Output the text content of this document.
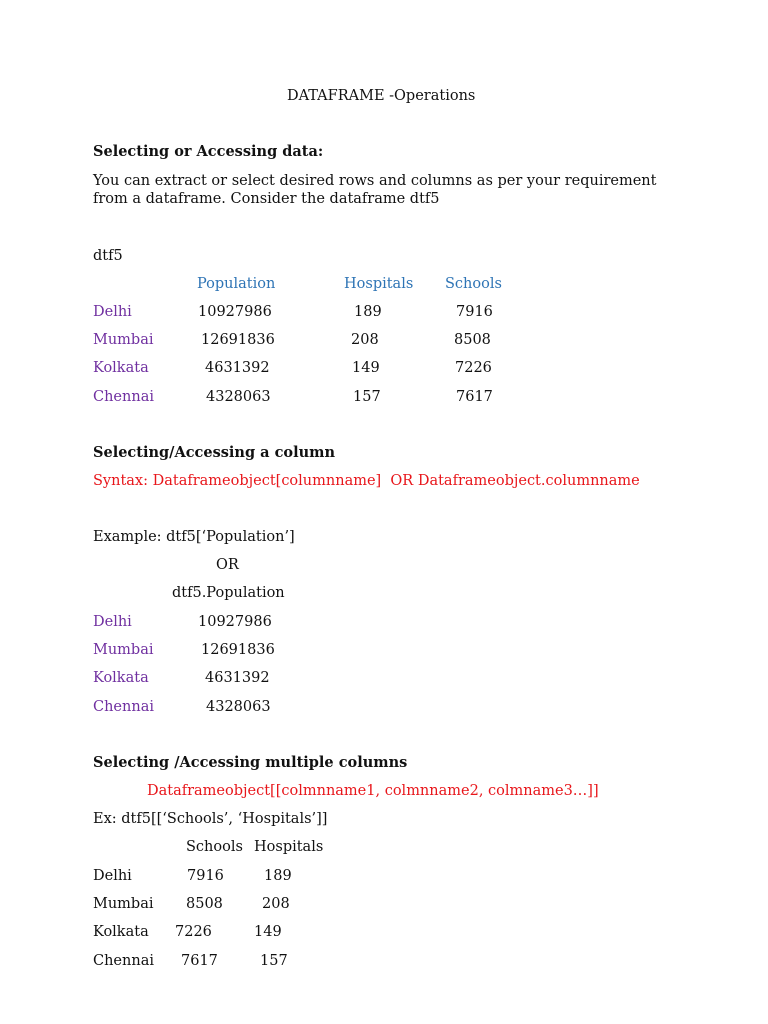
DATAFRAME -Operations
Selecting or Accessing data:
You can extract or select desired rows and columns as per your requirement
from a dataframe. Consider the dataframe dtf5
dtf5
Population	Hospitals Schools
Delhi	10927986	189	7916
Mumbai	12691836	208	8508
Kolkata	4631392	149	7226
Chennai	4328063	157	7617
Selecting/Accessing a column
Syntax: Dataframeobject[columnname]  OR Dataframeobject.columnname
Example: dtf5[‘Population’]
OR
dtf5.Population
Delhi	10927986
Mumbai	12691836
Kolkata	4631392
Chennai	4328063
Selecting /Accessing multiple columns
Dataframeobject[[colmnname1, colmnname2, colmname3…]]
Ex: dtf5[[‘Schools’, ‘Hospitals’]]
Schools Hospitals
Delhi	7916	189
Mumbai 8508	208
Kolkata 7226	149
Chennai 7617	157
